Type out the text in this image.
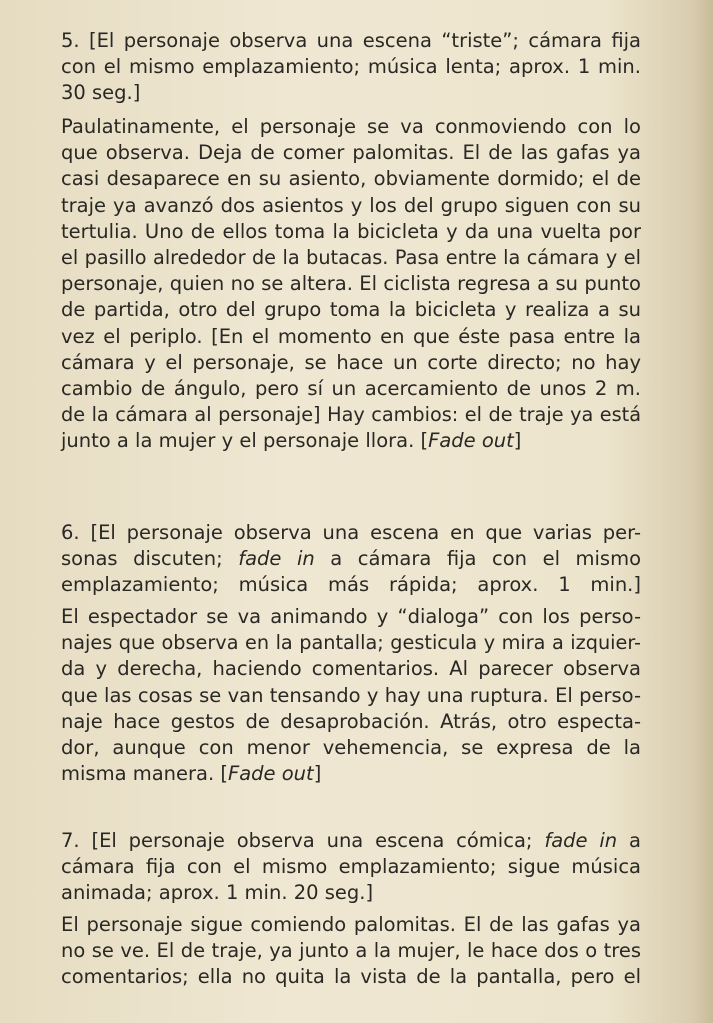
5. [El personaje observa una escena “triste”; cámara fija
con el mismo emplazamiento; música lenta; aprox. 1 min.
30 seg.]
Paulatinamente, el personaje se va conmoviendo con lo
que observa. Deja de comer palomitas. El de las gafas ya
casi desaparece en su asiento, obviamente dormido; el de
traje ya avanzó dos asientos y los del grupo siguen con su
tertulia. Uno de ellos toma la bicicleta y da una vuelta por
el pasillo alrededor de la butacas. Pasa entre la cámara y el
personaje, quien no se altera. El ciclista regresa a su punto
de partida, otro del grupo toma la bicicleta y realiza a su
vez el periplo. [En el momento en que éste pasa entre la
cámara y el personaje, se hace un corte directo; no hay
cambio de ángulo, pero sí un acercamiento de unos 2 m.
de la cámara al personaje] Hay cambios: el de traje ya está
junto a la mujer y el personaje llora. [Fade out]
6. [El personaje observa una escena en que varias per-
sonas discuten; fade in a cámara fija con el mismo
emplazamiento; música más rápida; aprox. 1 min.]
El espectador se va animando y “dialoga” con los perso-
najes que observa en la pantalla; gesticula y mira a izquier-
da y derecha, haciendo comentarios. Al parecer observa
que las cosas se van tensando y hay una ruptura. El perso-
naje hace gestos de desaprobación. Atrás, otro especta-
dor, aunque con menor vehemencia, se expresa de la
misma manera. [Fade out]
7. [El personaje observa una escena cómica; fade in a
cámara fija con el mismo emplazamiento; sigue música
animada; aprox. 1 min. 20 seg.]
El personaje sigue comiendo palomitas. El de las gafas ya
no se ve. El de traje, ya junto a la mujer, le hace dos o tres
comentarios; ella no quita la vista de la pantalla, pero el
